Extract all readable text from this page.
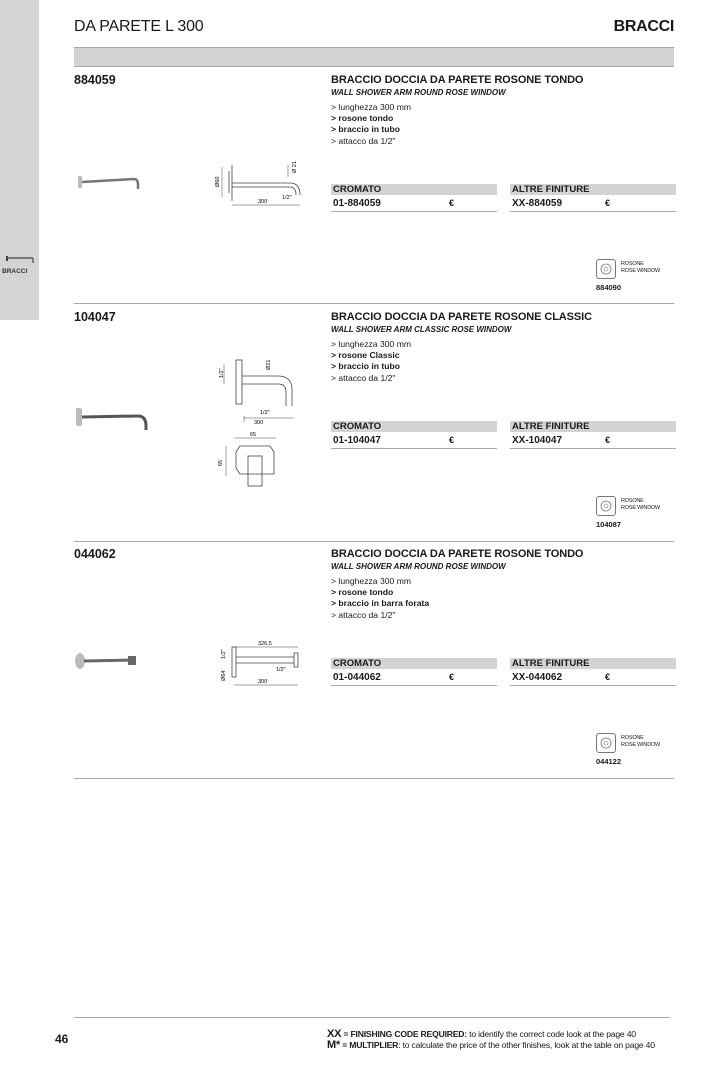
BRACCI
DA PARETE L 300	BRACCI
884059	BRACCIO DOCCIA DA PARETE ROSONE TONDO
WALL SHOWER ARM ROUND ROSE WINDOW
> lunghezza 300 mm
> rosone tondo
> braccio in tubo
> attacco da 1/2"
Ø60
Ø 21
300
1/2"
CROMATO
01-884059	€
ALTRE FINITURE
XX-884059	€
ROSONE
ROSE WINDOW
884090
104047	BRACCIO DOCCIA DA PARETE ROSONE CLASSIC
WALL SHOWER ARM CLASSIC ROSE WINDOW
> lunghezza 300 mm
> rosone Classic
> braccio in tubo
> attacco da 1/2"
1/2"
Ø21
1/2"
300
65
65
CROMATO
01-104047	€
ALTRE FINITURE
XX-104047	€
ROSONE
ROSE WINDOW
104087
044062	BRACCIO DOCCIA DA PARETE ROSONE TONDO
WALL SHOWER ARM ROUND ROSE WINDOW
> lunghezza 300 mm
> rosone tondo
> braccio in barra forata
> attacco da 1/2"
326,5
1/2"
Ø64
1/2"
300
CROMATO
01-044062	€
ALTRE FINITURE
XX-044062	€
ROSONE
ROSE WINDOW
044122
46	XX = FINISHING CODE REQUIRED: to identify the correct code look at the page 40
M* = MULTIPLIER: to calculate the price of the other finishes, look at the table on page 40
